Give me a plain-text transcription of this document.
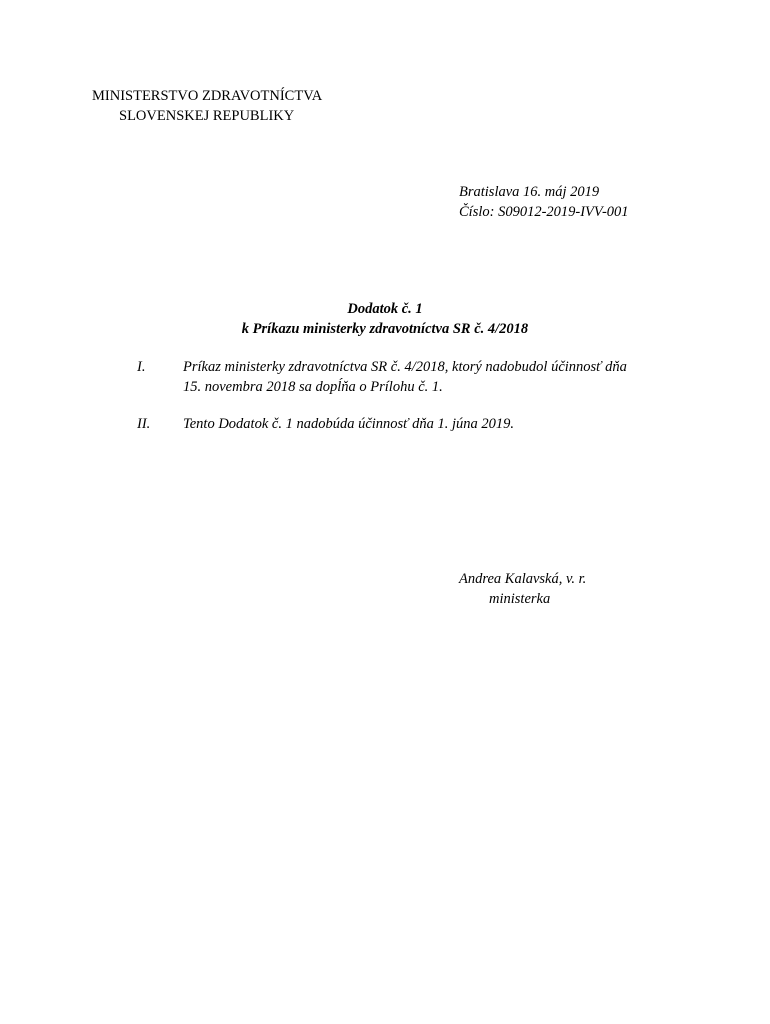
MINISTERSTVO ZDRAVOTNÍCTVA
SLOVENSKEJ REPUBLIKY
Bratislava 16. máj 2019
Číslo: S09012-2019-IVV-001
Dodatok č. 1
k Príkazu ministerky zdravotníctva SR č. 4/2018
I.	Príkaz ministerky zdravotníctva SR č. 4/2018, ktorý nadobudol účinnosť dňa
15. novembra 2018 sa dopĺňa o Prílohu č. 1.
II. Tento Dodatok č. 1 nadobúda účinnosť dňa 1. júna 2019.
Andrea Kalavská, v. r.
ministerka
